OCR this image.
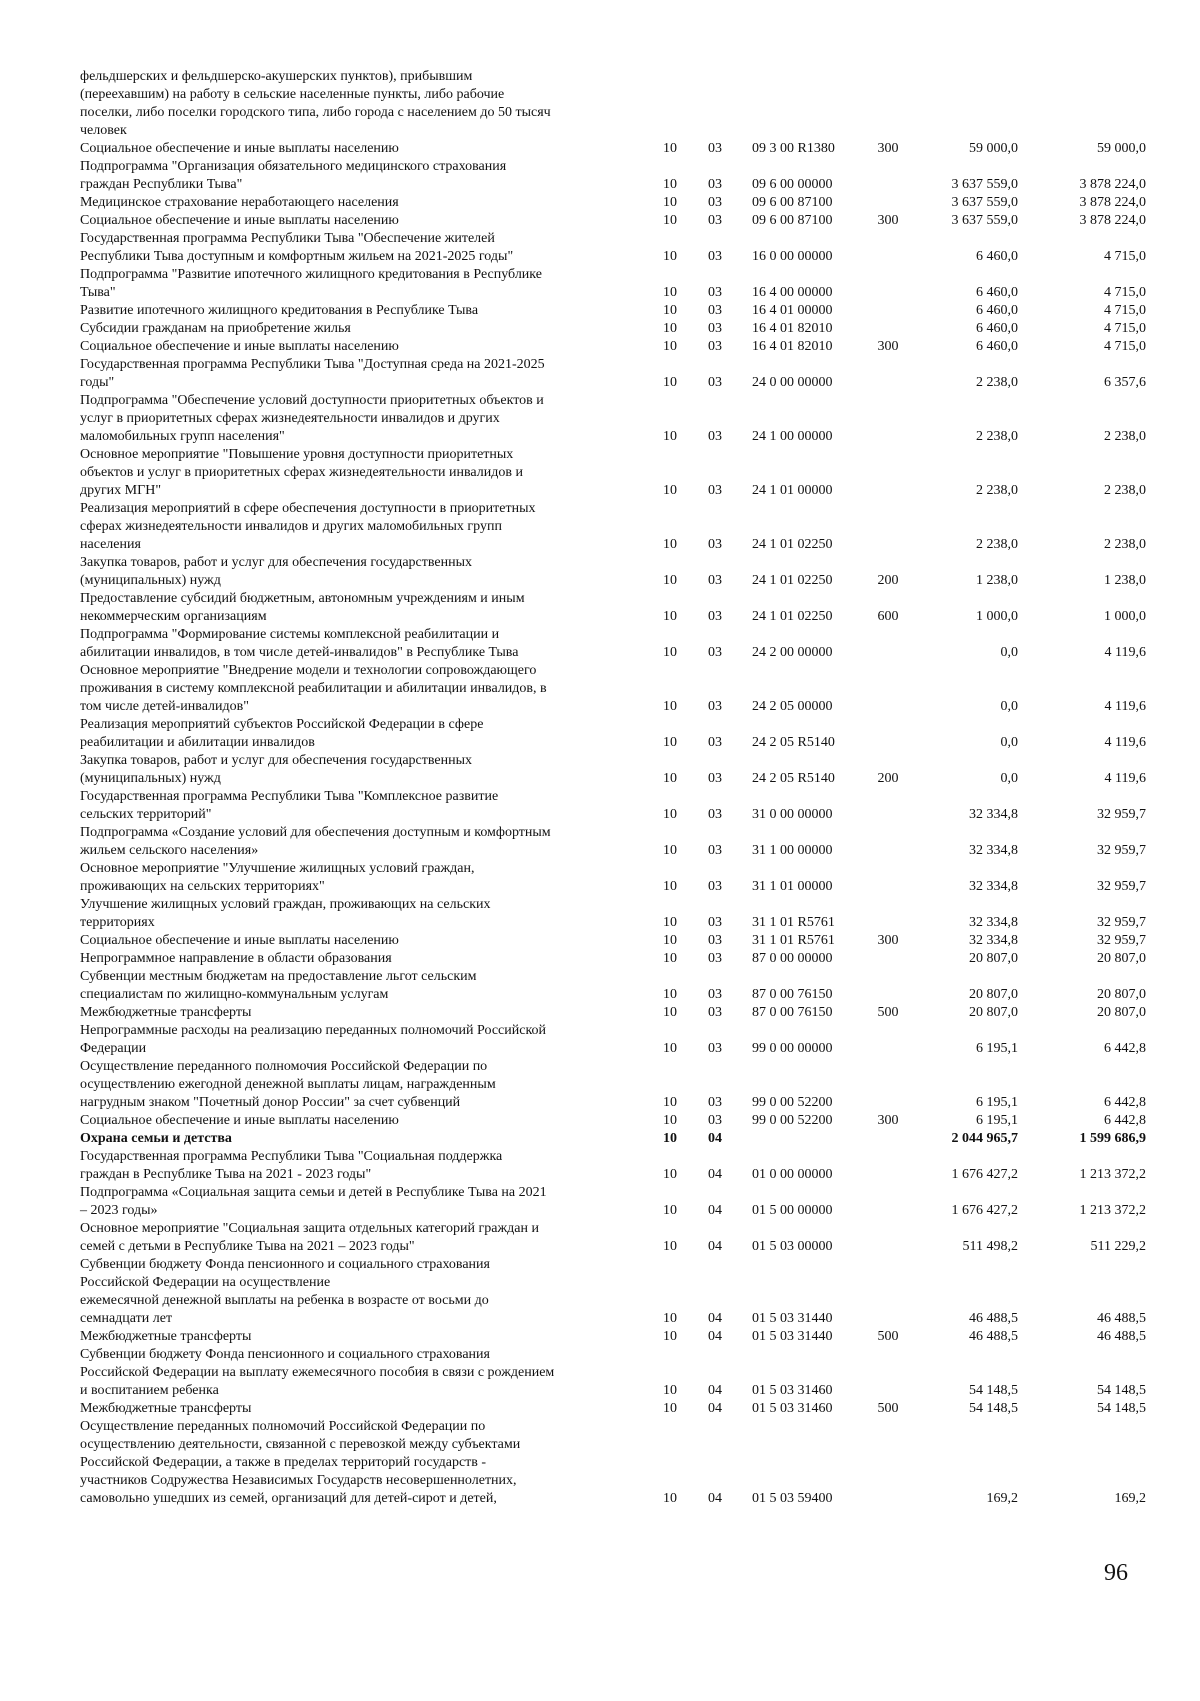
фельдшерских и фельдшерско-акушерских пунктов), прибывшим
(переехавшим) на работу в сельские населенные пункты, либо рабочие
поселки, либо поселки городского типа, либо города с населением до 50 тысяч
человек
Социальное обеспечение и иные выплаты населению	10 03 09 3 00 R1380	300	59 000,0	59 000,0
Подпрограмма "Организация обязательного медицинского страхования
граждан Республики Тыва"	10 03 09 6 00 00000	3 637 559,0	3 878 224,0
Медицинское страхование неработающего населения	10 03 09 6 00 87100	3 637 559,0	3 878 224,0
Социальное обеспечение и иные выплаты населению	10 03 09 6 00 87100	300	3 637 559,0	3 878 224,0
Государственная программа Республики Тыва "Обеспечение жителей
Республики Тыва доступным и комфортным жильем на 2021-2025 годы"	10 03 16 0 00 00000	6 460,0	4 715,0
Подпрограмма "Развитие ипотечного жилищного кредитования в Республике
Тыва"	10 03 16 4 00 00000	6 460,0	4 715,0
Развитие ипотечного жилищного кредитования в Республике Тыва	10 03 16 4 01 00000	6 460,0	4 715,0
Субсидии гражданам на приобретение жилья	10 03 16 4 01 82010	6 460,0	4 715,0
Социальное обеспечение и иные выплаты населению	10 03 16 4 01 82010	300	6 460,0	4 715,0
Государственная программа Республики Тыва "Доступная среда на 2021-2025
годы"	10 03 24 0 00 00000	2 238,0	6 357,6
Подпрограмма "Обеспечение условий доступности приоритетных объектов и
услуг в приоритетных сферах жизнедеятельности инвалидов и других
маломобильных групп населения"	10 03 24 1 00 00000	2 238,0	2 238,0
Основное мероприятие "Повышение уровня доступности приоритетных
объектов и услуг в приоритетных сферах жизнедеятельности инвалидов и
других МГН"	10 03 24 1 01 00000	2 238,0	2 238,0
Реализация мероприятий в сфере обеспечения доступности в приоритетных
сферах жизнедеятельности инвалидов и других маломобильных групп
населения	10 03 24 1 01 02250	2 238,0	2 238,0
Закупка товаров, работ и услуг для обеспечения государственных
(муниципальных) нужд	10 03 24 1 01 02250	200	1 238,0	1 238,0
Предоставление субсидий бюджетным, автономным учреждениям и иным
некоммерческим организациям	10 03 24 1 01 02250	600	1 000,0	1 000,0
Подпрограмма "Формирование системы комплексной реабилитации и
абилитации инвалидов, в том числе детей-инвалидов" в Республике Тыва	10 03 24 2 00 00000	0,0	4 119,6
Основное мероприятие "Внедрение модели и технологии сопровождающего
проживания в систему комплексной реабилитации и абилитации инвалидов, в
том числе детей-инвалидов"	10 03 24 2 05 00000	0,0	4 119,6
Реализация мероприятий субъектов Российской Федерации в сфере
реабилитации и абилитации инвалидов	10 03 24 2 05 R5140	0,0	4 119,6
Закупка товаров, работ и услуг для обеспечения государственных
(муниципальных) нужд	10 03 24 2 05 R5140	200	0,0	4 119,6
Государственная программа Республики Тыва "Комплексное развитие
сельских территорий"	10 03 31 0 00 00000	32 334,8	32 959,7
Подпрограмма «Создание условий для обеспечения доступным и комфортным
жильем сельского населения»	10 03 31 1 00 00000	32 334,8	32 959,7
Основное мероприятие "Улучшение жилищных условий граждан,
проживающих на сельских территориях"	10 03 31 1 01 00000	32 334,8	32 959,7
Улучшение жилищных условий граждан, проживающих на сельских
территориях	10 03 31 1 01 R5761	32 334,8	32 959,7
Социальное обеспечение и иные выплаты населению	10 03 31 1 01 R5761	300	32 334,8	32 959,7
Непрограммное направление в области образования	10 03 87 0 00 00000	20 807,0	20 807,0
Субвенции местным бюджетам на предоставление льгот сельским
специалистам по жилищно-коммунальным услугам	10 03 87 0 00 76150	20 807,0	20 807,0
Межбюджетные трансферты	10 03 87 0 00 76150	500	20 807,0	20 807,0
Непрограммные расходы на реализацию переданных полномочий Российской
Федерации	10 03 99 0 00 00000	6 195,1	6 442,8
Осуществление переданного полномочия Российской Федерации по
осуществлению ежегодной денежной выплаты лицам, награжденным
нагрудным знаком "Почетный донор России" за счет субвенций	10 03 99 0 00 52200	6 195,1	6 442,8
Социальное обеспечение и иные выплаты населению	10 03 99 0 00 52200	300	6 195,1	6 442,8
Охрана семьи и детства	10 04	2 044 965,7	1 599 686,9
Государственная программа Республики Тыва "Социальная поддержка
граждан в Республике Тыва на 2021 - 2023 годы"	10 04 01 0 00 00000	1 676 427,2	1 213 372,2
Подпрограмма «Социальная защита семьи и детей в Республике Тыва на 2021
– 2023 годы»	10 04 01 5 00 00000	1 676 427,2	1 213 372,2
Основное мероприятие "Социальная защита отдельных категорий граждан и
семей с детьми в Республике Тыва на 2021 – 2023 годы"	10 04 01 5 03 00000	511 498,2	511 229,2
Субвенции бюджету Фонда пенсионного и социального страхования
Российской Федерации на осуществление
ежемесячной денежной выплаты на ребенка в возрасте от восьми до
семнадцати лет	10 04 01 5 03 31440	46 488,5	46 488,5
Межбюджетные трансферты	10 04 01 5 03 31440	500	46 488,5	46 488,5
Субвенции бюджету Фонда пенсионного и социального страхования
Российской Федерации на выплату ежемесячного пособия в связи с рождением
и воспитанием ребенка	10 04 01 5 03 31460	54 148,5	54 148,5
Межбюджетные трансферты	10 04 01 5 03 31460	500	54 148,5	54 148,5
Осуществление переданных полномочий Российской Федерации по
осуществлению деятельности, связанной с перевозкой между субъектами
Российской Федерации, а также в пределах территорий государств -
участников Содружества Независимых Государств несовершеннолетних,
самовольно ушедших из семей, организаций для детей-сирот и детей,	10 04 01 5 03 59400	169,2	169,2
96
